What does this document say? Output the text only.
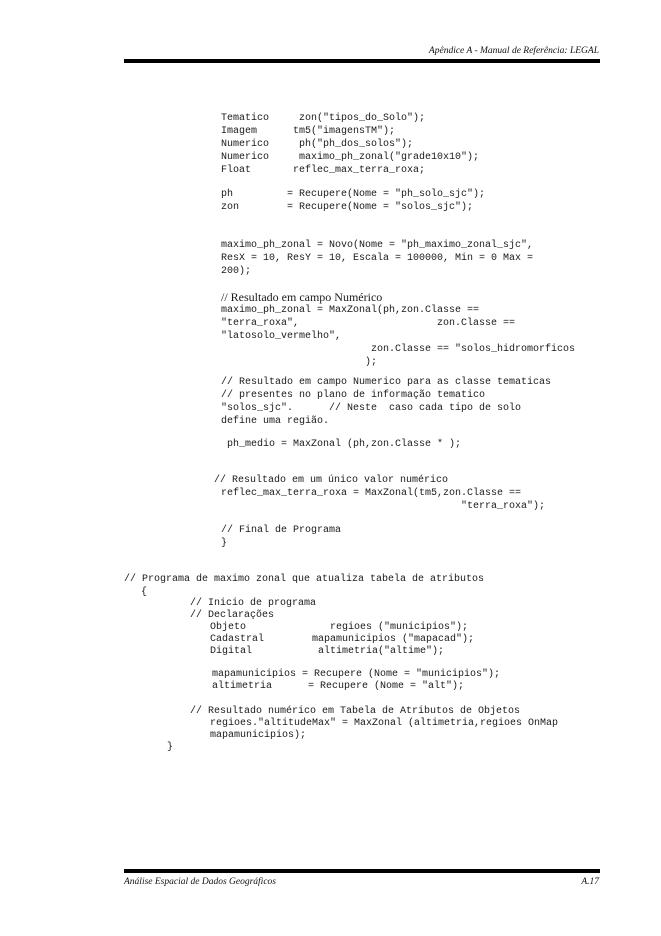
Apêndice A - Manual de Referência: LEGAL
Tematico     zon("tipos_do_Solo");
Imagem      tm5("imagensTM");
Numerico     ph("ph_dos_solos");
Numerico     maximo_ph_zonal("grade10x10");
Float       reflec_max_terra_roxa;
ph         = Recupere(Nome = "ph_solo_sjc");
zon        = Recupere(Nome = "solos_sjc");
maximo_ph_zonal = Novo(Nome = "ph_maximo_zonal_sjc",
ResX = 10, ResY = 10, Escala = 100000, Min = 0 Max =
200);
// Resultado em campo Numérico
maximo_ph_zonal = MaxZonal(ph,zon.Classe ==
"terra_roxa",                       zon.Classe ==
"latosolo_vermelho",
zon.Classe == "solos_hidromorficos
);
// Resultado em campo Numerico para as classe tematicas
// presentes no plano de informação tematico
"solos_sjc".      // Neste  caso cada tipo de solo
define uma região.
ph_medio = MaxZonal (ph,zon.Classe * );
// Resultado em um único valor numérico
reflec_max_terra_roxa = MaxZonal(tm5,zon.Classe ==
"terra_roxa");
// Final de Programa
}
// Programa de maximo zonal que atualiza tabela de atributos
{
// Inicio de programa
// Declarações
Objeto              regioes ("municipios");
Cadastral        mapamunicipios ("mapacad");
Digital           altimetria("altime");
mapamunicipios = Recupere (Nome = "municipios");
altimetria      = Recupere (Nome = "alt");
// Resultado numérico em Tabela de Atributos de Objetos
regioes."altitudeMax" = MaxZonal (altimetria,regioes OnMap
mapamunicipios);
}
Análise Espacial de Dados Geográficos	A.17
